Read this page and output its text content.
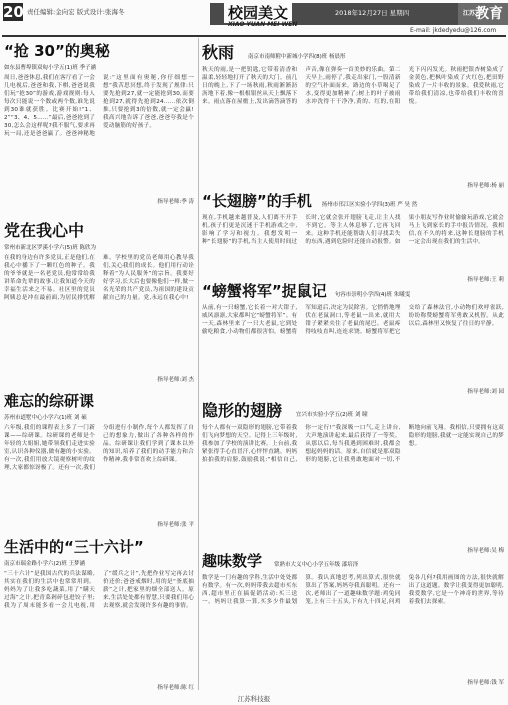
20 责任编辑:金向宏 版式设计:张海冬	校园美文
XIAO YUAN MEI WEN
2018年12月27日 星期四	$^{江苏}$教育
E-mail: jkdedyedu@126.com
“抢 30”的奥秘
如东县曹埠镇双甸小学五(1)班 季子涵
周日,爸爸休息,我们在客厅看了一会儿电视后,爸爸和我,下棋,爸爸说我们玩“抢30”的游戏,游戏规则:每人每次只能说一个数或两个数,谁先说到30谁就获胜。比赛开始!“1、2”“3、4、5……”最后,爸爸抢到了30,怎么会这样呢?我不服气,要求再玩一局,还是爸爸赢了。爸爸神秘地说:“这里面有奥秘,你仔细想一想”我苦思冥想,终于发现了规律:只要先抢到27,就一定能抢到30,而要抢到27,就得先抢到24……依次倒推,只要抢到3的倍数,就一定会赢!我高兴地告诉了爸爸,爸爸夸我是个爱动脑筋的好孩子。
指导老师:季 涛
党在我心中
常州市新北区罗溪小学六(5)班 陈欣为
在我的身边有许多党员,正是他们,在我心中播下了一颗红色的种子。我的爷爷就是一名老党员,他常常给我讲革命先辈的故事,让我知道今天的幸福生活来之不易。社区里的党员阿姨总是冲在最前面,为居民排忧解难。学校里的党员老师用心教导我们,关心我们的成长。他们用行动诠释着“为人民服务”的宗旨。我要好好学习,长大后也要像他们一样,做一名光荣的共产党员,为祖国的建设贡献自己的力量。党,永远在我心中!
指导老师:刘 杰
难忘的综研课
苏州市道墅中心小学六(1)班 刘 硕
六年级,我们的课程表上多了一门新课——综研课。综研课的老师是个年轻的大姐姐,她带领我们走进实验室,认识各种仪器,做有趣的小实验。有一次,我们用放大镜观察树叶的纹理,大家都惊讶极了。还有一次,我们分组进行小制作,每个人都发挥了自己的想象力,做出了各种各样的作品。综研课让我们学到了课本以外的知识,培养了我们的动手能力和合作精神,我非常喜欢上综研课。
指导老师:张 平
生活中的“三十六计”
南京市瑞金路小学六(2)班 王梦涵
“三十六计”是我国古代的兵法谋略,其实在我们的生活中也常常用到。妈妈为了让我多吃蔬菜,用了“瞒天过海”之计,把青菜剁碎包进饺子里;我为了周末能多看一会儿电视,用了“缓兵之计”,先把作业写完再去讨价还价;爸爸戒烟时,用的是“釜底抽薪”之计,把家里的烟全部送人。原来,生活处处都有智慧,只要我们用心去观察,就会发现许多有趣的事情。
指导老师:陈 红
秋雨	南京市南师附中新城小学四(8)班 杨晨彤
秋天的雨,是一把钥匙,它带着清香和温柔,轻轻地打开了秋天的大门。前几日的晚上,下了一场秋雨,秋雨淅淅沥沥地下着,像一根根银丝从天上飘落下来。雨点落在屋檐上,发出滴答滴答的声音,像在弹奏一首美妙的乐曲。第二天早上,雨停了,我走出家门,一股清新的空气扑面而来。路边的小草喝足了水,变得更加精神了;树上的叶子被雨水冲洗得干干净净,黄的、红的,在阳光下闪闪发光。秋雨把银杏树染成了金黄色,把枫叶染成了火红色,把田野染成了一片丰收的景象。我爱秋雨,它带给我们清凉,也带给我们丰收的喜悦。
指导老师:杨 丽
“长翅膀”的手机 扬州市邗江区实验小学四(3)班 严 昊 然
现在,手机越来越普及,人们离不开手机,孩子们更是沉迷于手机游戏之中,影响了学习和视力。我想发明一种“长翅膀”的手机,当主人使用时间过长时,它就会张开翅膀飞走,让主人找不到它。等主人休息够了,它再飞回来。这种手机还能帮助人们寻找丢失的东西,遇到危险时还能自动报警。如果小朋友写作业时偷偷玩游戏,它就会马上飞到家长的手中报告情况。我相信,在不久的将来,这种长翅膀的手机一定会出现在我们的生活中。
指导老师:王 莉
“螃蟹将军”捉鼠记 句容市崇明小学四(4)班 朱曦雯
从前,有一只螃蟹,它长着一对大钳子,威风凛凛,大家都叫它“螃蟹将军”。有一天,森林里来了一只大老鼠,它到处偷吃粮食,小动物们都很害怕。螃蟹将军知道后,决定为民除害。它悄悄地埋伏在老鼠洞口,等老鼠一出来,就用大钳子紧紧夹住了老鼠的尾巴。老鼠疼得吱吱直叫,连连求饶。螃蟹将军把它交给了森林法官,小动物们欢呼雀跃,纷纷称赞螃蟹将军勇敢又机智。从此以后,森林里又恢复了往日的平静。
指导老师:刘 园
隐形的翅膀	宜兴市实验小学五(2)班 刘 瞳
每个人都有一双隐形的翅膀,它带着我们飞向梦想的天空。记得上三年级时,我参加了学校的演讲比赛。上台前,我紧张得手心直冒汗,心怦怦直跳。妈妈拍拍我的肩膀,鼓励我说:“相信自己,你一定行!”我深吸一口气,走上讲台,大声地演讲起来,最后获得了一等奖。从那以后,每当我遇到困难时,我都会想起妈妈的话。原来,自信就是那双隐形的翅膀,它让我勇敢地面对一切,不断地向前飞翔。我相信,只要拥有这双隐形的翅膀,我就一定能实现自己的梦想。
指导老师:吴 梅
趣味数学 常熟市大义中心小学五年级 漆培泽
数学是一门有趣的学科,生活中处处都有数学。有一次,妈妈带我去超市买东西,超市里正在搞促销活动:买三送一。妈妈让我算一算,买多少件最划算。我认真地思考,列出算式,很快就算出了答案,妈妈夸我真聪明。还有一次,老师出了一道趣味数学题:鸡兔同笼,上有三十五头,下有九十四足,问鸡兔各几何?我用画图的方法,很快就解出了这道题。数学让我变得更加聪明,我爱数学,它是一个神奇的世界,等待着我们去探索。
指导老师:钱 军
江苏科技报
